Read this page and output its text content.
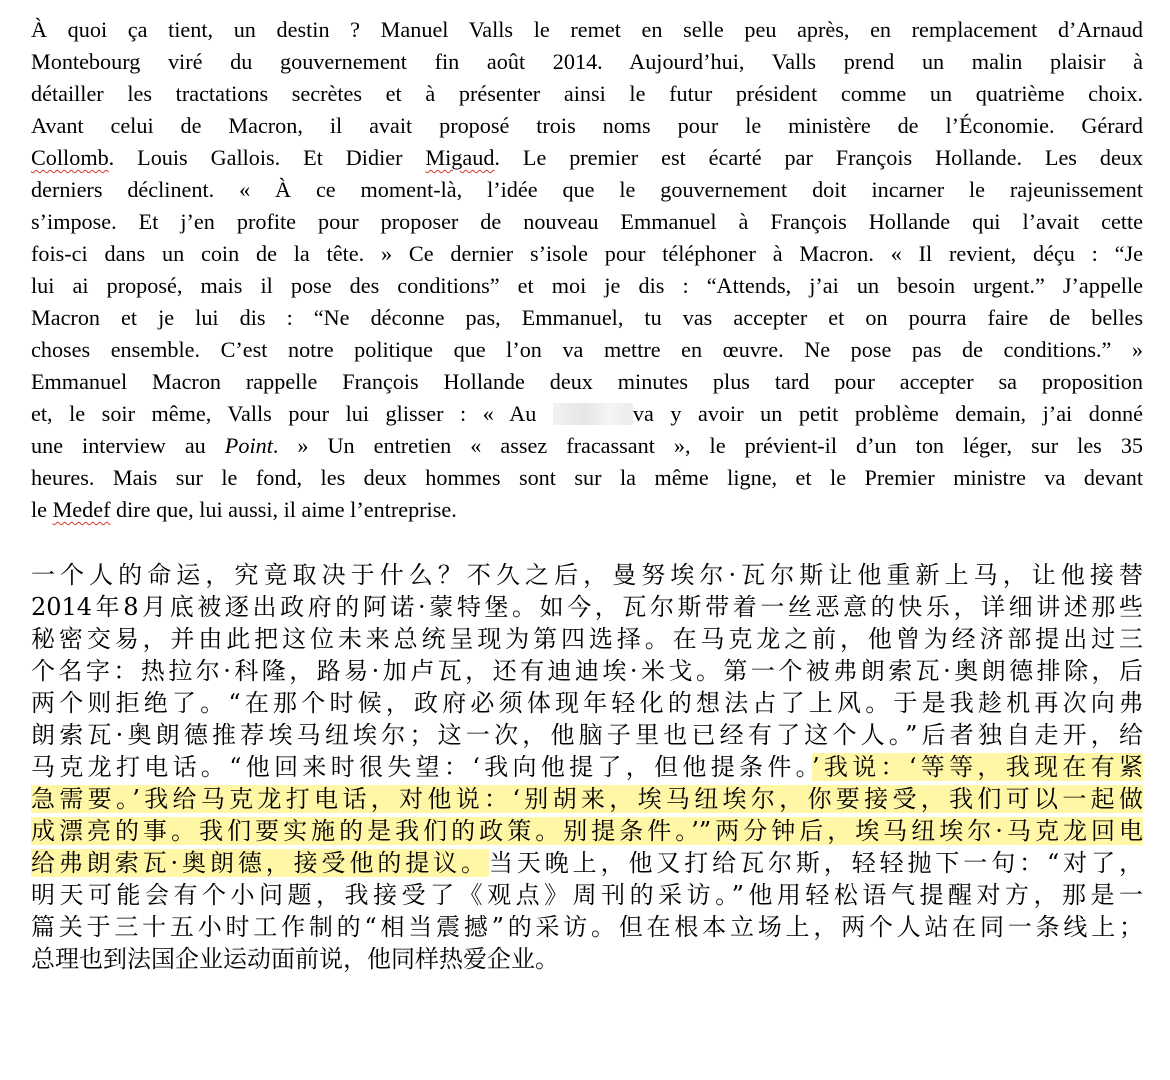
À quoi ça tient, un destin ? Manuel Valls le remet en selle peu après, en remplacement d’Arnaud
Montebourg viré du gouvernement fin août 2014. Aujourd’hui, Valls prend un malin plaisir à
détailler les tractations secrètes et à présenter ainsi le futur président comme un quatrième choix.
Avant celui de Macron, il avait proposé trois noms pour le ministère de l’Économie. Gérard
Collomb. Louis Gallois. Et Didier Migaud. Le premier est écarté par François Hollande. Les deux
derniers déclinent. « À ce moment-là, l’idée que le gouvernement doit incarner le rajeunissement
s’impose. Et j’en profite pour proposer de nouveau Emmanuel à François Hollande qui l’avait cette
fois-ci dans un coin de la tête. » Ce dernier s’isole pour téléphoner à Macron. « Il revient, déçu : “Je
lui ai proposé, mais il pose des conditions” et moi je dis : “Attends, j’ai un besoin urgent.” J’appelle
Macron et je lui dis : “Ne déconne pas, Emmanuel, tu vas accepter et on pourra faire de belles
choses ensemble. C’est notre politique que l’on va mettre en œuvre. Ne pose pas de conditions.” »
Emmanuel Macron rappelle François Hollande deux minutes plus tard pour accepter sa proposition
et, le soir même, Valls pour lui glisser : « Au	va y avoir un petit problème demain, j’ai donné
une interview au Point. » Un entretien « assez fracassant », le prévient-il d’un ton léger, sur les 35
heures. Mais sur le fond, les deux hommes sont sur la même ligne, et le Premier ministre va devant
le Medef dire que, lui aussi, il aime l’entreprise.

一个人的命运，究竟取决于什么？不久之后，曼努埃尔·瓦尔斯让他重新上马，让他接替
2014年8月底被逐出政府的阿诺·蒙特堡。如今，瓦尔斯带着一丝恶意的快乐，详细讲述那些
秘密交易，并由此把这位未来总统呈现为第四选择。在马克龙之前，他曾为经济部提出过三
个名字：热拉尔·科隆，路易·加卢瓦，还有迪迪埃·米戈。第一个被弗朗索瓦·奥朗德排除，后
两个则拒绝了。“在那个时候，政府必须体现年轻化的想法占了上风。于是我趁机再次向弗
朗索瓦·奥朗德推荐埃马纽埃尔；这一次，他脑子里也已经有了这个人。”后者独自走开，给
马克龙打电话。“他回来时很失望：‘我向他提了，但他提条件。’我说：‘等等，我现在有紧
急需要。’我给马克龙打电话，对他说：‘别胡来，埃马纽埃尔，你要接受，我们可以一起做
成漂亮的事。我们要实施的是我们的政策。别提条件。’”两分钟后，埃马纽埃尔·马克龙回电
给弗朗索瓦·奥朗德，接受他的提议。当天晚上，他又打给瓦尔斯，轻轻抛下一句：“对了，
明天可能会有个小问题，我接受了《观点》周刊的采访。”他用轻松语气提醒对方，那是一
篇关于三十五小时工作制的“相当震撼”的采访。但在根本立场上，两个人站在同一条线上；
总理也到法国企业运动面前说，他同样热爱企业。
